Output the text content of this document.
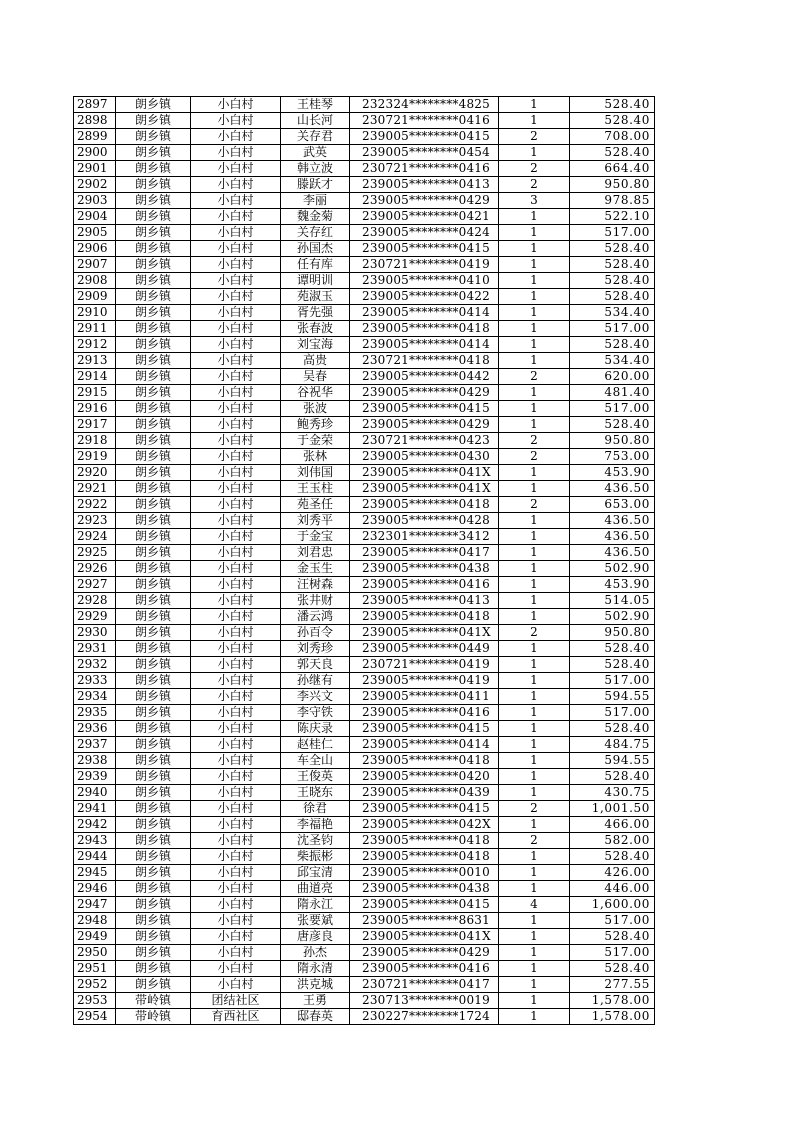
2897	朗乡镇	小白村	王桂琴	232324********4825	1	528.40
2898	朗乡镇	小白村	山长河	230721********0416	1	528.40
2899	朗乡镇	小白村	关存君	239005********0415	2	708.00
2900	朗乡镇	小白村	武英	239005********0454	1	528.40
2901	朗乡镇	小白村	韩立波	230721********0416	2	664.40
2902	朗乡镇	小白村	滕跃才	239005********0413	2	950.80
2903	朗乡镇	小白村	李丽	239005********0429	3	978.85
2904	朗乡镇	小白村	魏金菊	239005********0421	1	522.10
2905	朗乡镇	小白村	关存红	239005********0424	1	517.00
2906	朗乡镇	小白村	孙国杰	239005********0415	1	528.40
2907	朗乡镇	小白村	任有库	230721********0419	1	528.40
2908	朗乡镇	小白村	谭明训	239005********0410	1	528.40
2909	朗乡镇	小白村	苑淑玉	239005********0422	1	528.40
2910	朗乡镇	小白村	胥先强	239005********0414	1	534.40
2911	朗乡镇	小白村	张春波	239005********0418	1	517.00
2912	朗乡镇	小白村	刘宝海	239005********0414	1	528.40
2913	朗乡镇	小白村	高贵	230721********0418	1	534.40
2914	朗乡镇	小白村	吴春	239005********0442	2	620.00
2915	朗乡镇	小白村	谷祝华	239005********0429	1	481.40
2916	朗乡镇	小白村	张波	239005********0415	1	517.00
2917	朗乡镇	小白村	鲍秀珍	239005********0429	1	528.40
2918	朗乡镇	小白村	于金荣	230721********0423	2	950.80
2919	朗乡镇	小白村	张林	239005********0430	2	753.00
2920	朗乡镇	小白村	刘伟国	239005********041X	1	453.90
2921	朗乡镇	小白村	王玉柱	239005********041X	1	436.50
2922	朗乡镇	小白村	苑圣任	239005********0418	2	653.00
2923	朗乡镇	小白村	刘秀平	239005********0428	1	436.50
2924	朗乡镇	小白村	于金宝	232301********3412	1	436.50
2925	朗乡镇	小白村	刘君忠	239005********0417	1	436.50
2926	朗乡镇	小白村	金玉生	239005********0438	1	502.90
2927	朗乡镇	小白村	汪树森	239005********0416	1	453.90
2928	朗乡镇	小白村	张井财	239005********0413	1	514.05
2929	朗乡镇	小白村	潘云鸿	239005********0418	1	502.90
2930	朗乡镇	小白村	孙百令	239005********041X	2	950.80
2931	朗乡镇	小白村	刘秀珍	239005********0449	1	528.40
2932	朗乡镇	小白村	郭天良	230721********0419	1	528.40
2933	朗乡镇	小白村	孙继有	239005********0419	1	517.00
2934	朗乡镇	小白村	李兴文	239005********0411	1	594.55
2935	朗乡镇	小白村	李守铁	239005********0416	1	517.00
2936	朗乡镇	小白村	陈庆录	239005********0415	1	528.40
2937	朗乡镇	小白村	赵桂仁	239005********0414	1	484.75
2938	朗乡镇	小白村	车全山	239005********0418	1	594.55
2939	朗乡镇	小白村	王俊英	239005********0420	1	528.40
2940	朗乡镇	小白村	王晓东	239005********0439	1	430.75
2941	朗乡镇	小白村	徐君	239005********0415	2	1,001.50
2942	朗乡镇	小白村	李福艳	239005********042X	1	466.00
2943	朗乡镇	小白村	沈圣钧	239005********0418	2	582.00
2944	朗乡镇	小白村	柴振彬	239005********0418	1	528.40
2945	朗乡镇	小白村	邱宝清	239005********0010	1	426.00
2946	朗乡镇	小白村	曲道亮	239005********0438	1	446.00
2947	朗乡镇	小白村	隋永江	239005********0415	4	1,600.00
2948	朗乡镇	小白村	张要斌	239005********8631	1	517.00
2949	朗乡镇	小白村	唐彦良	239005********041X	1	528.40
2950	朗乡镇	小白村	孙杰	239005********0429	1	517.00
2951	朗乡镇	小白村	隋永清	239005********0416	1	528.40
2952	朗乡镇	小白村	洪克城	230721********0417	1	277.55
2953	带岭镇	团结社区	王勇	230713********0019	1	1,578.00
2954	带岭镇	育西社区	邸春英	230227********1724	1	1,578.00
